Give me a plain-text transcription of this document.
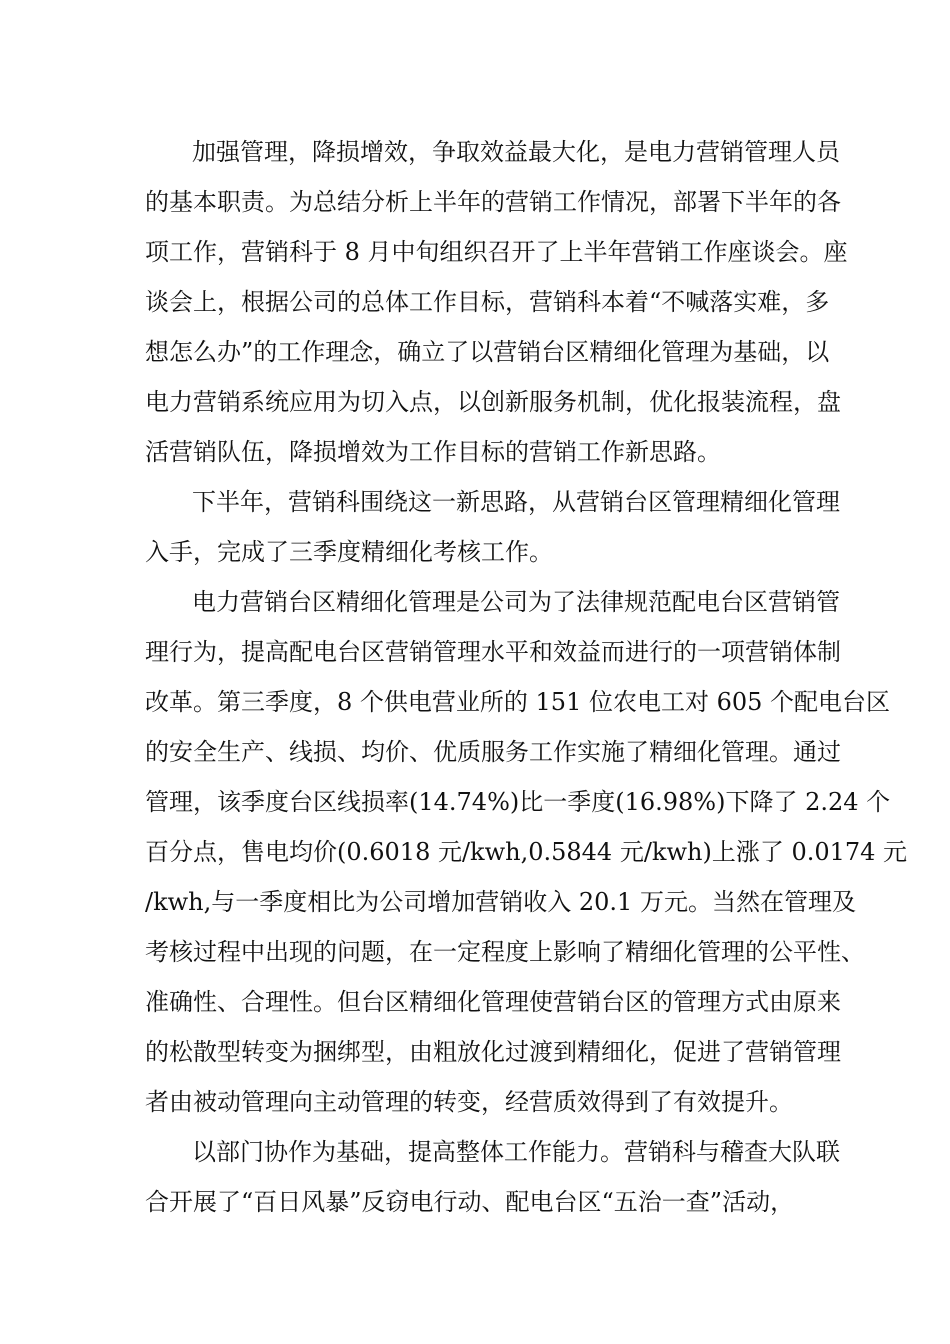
加强管理，降损增效，争取效益最大化，是电力营销管理人员
的基本职责。为总结分析上半年的营销工作情况，部署下半年的各
项工作，营销科于 8 月中旬组织召开了上半年营销工作座谈会。座
谈会上，根据公司的总体工作目标，营销科本着“不喊落实难，多
想怎么办”的工作理念，确立了以营销台区精细化管理为基础，以
电力营销系统应用为切入点，以创新服务机制，优化报装流程，盘
活营销队伍，降损增效为工作目标的营销工作新思路。
下半年，营销科围绕这一新思路，从营销台区管理精细化管理
入手，完成了三季度精细化考核工作。
电力营销台区精细化管理是公司为了法律规范配电台区营销管
理行为，提高配电台区营销管理水平和效益而进行的一项营销体制
改革。第三季度，8 个供电营业所的 151 位农电工对 605 个配电台区
的安全生产、线损、均价、优质服务工作实施了精细化管理。通过
管理，该季度台区线损率(14.74%)比一季度(16.98%)下降了 2.24 个
百分点，售电均价(0.6018 元/kwh,0.5844 元/kwh)上涨了 0.0174 元
/kwh,与一季度相比为公司增加营销收入 20.1 万元。当然在管理及
考核过程中出现的问题，在一定程度上影响了精细化管理的公平性、
准确性、合理性。但台区精细化管理使营销台区的管理方式由原来
的松散型转变为捆绑型，由粗放化过渡到精细化，促进了营销管理
者由被动管理向主动管理的转变，经营质效得到了有效提升。
以部门协作为基础，提高整体工作能力。营销科与稽查大队联
合开展了“百日风暴”反窃电行动、配电台区“五治一查”活动，
